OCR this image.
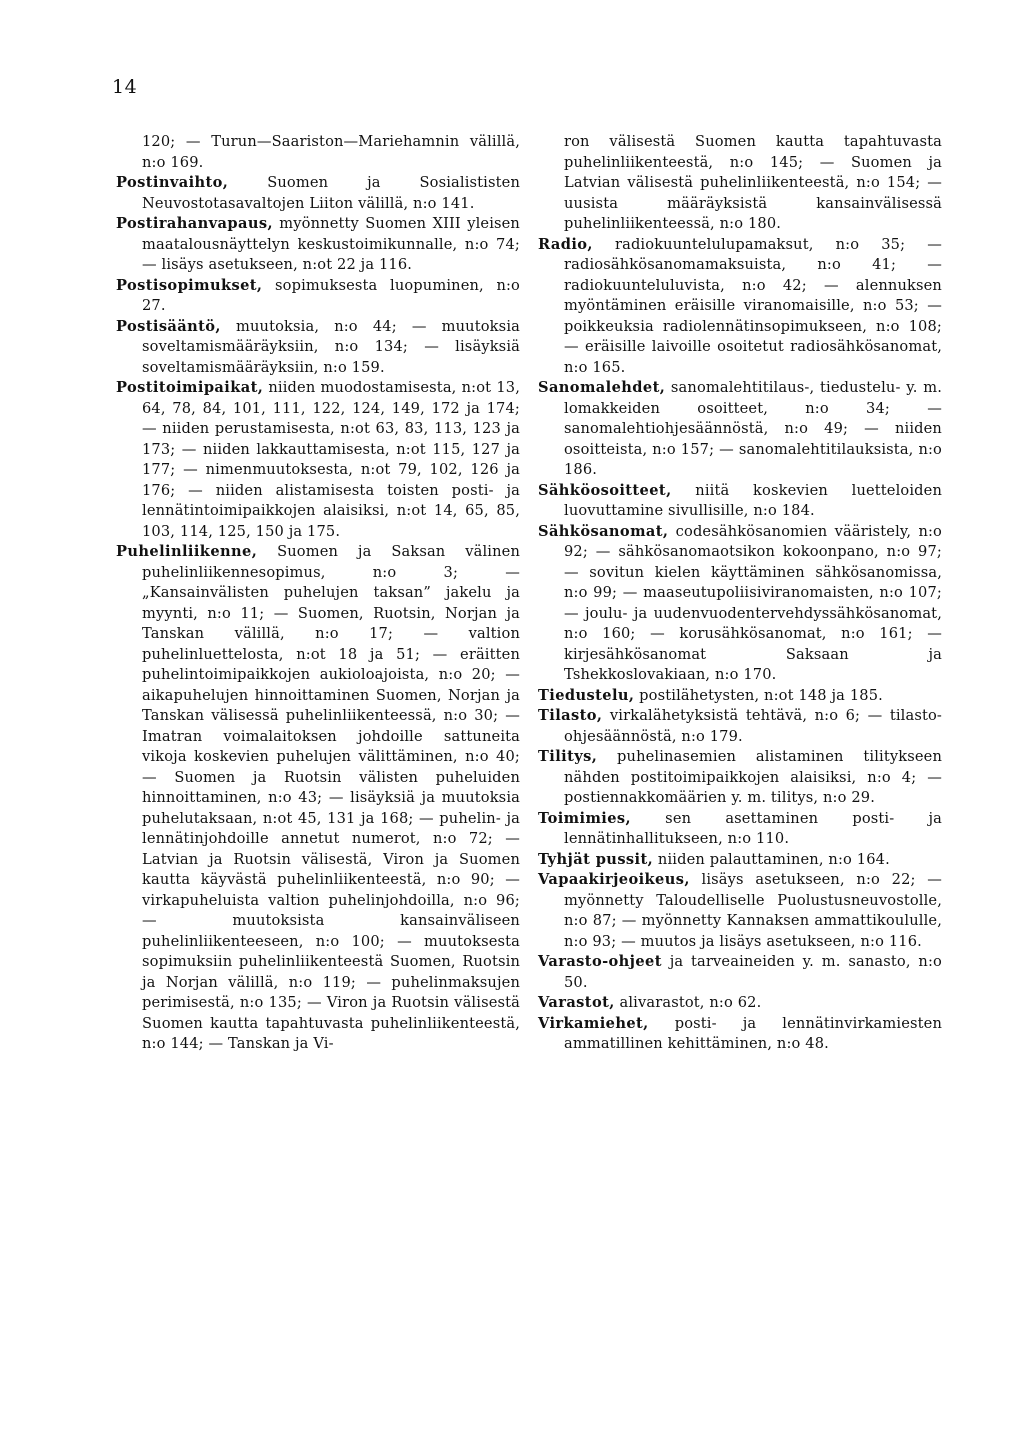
14

120; — Turun—Saariston—Mariehamnin välillä, n:o 169.

Postinvaihto, Suomen ja Sosialististen Neuvostotasavaltojen Liiton välillä, n:o 141.

Postirahanvapaus, myönnetty Suomen XIII yleisen maatalousnäyttelyn keskustoimikunnalle, n:o 74; — lisäys asetukseen, n:ot 22 ja 116.

Postisopimukset, sopimuksesta luopuminen, n:o 27.

Postisääntö, muutoksia, n:o 44; — muutoksia soveltamismääräyksiin, n:o 134; — lisäyksiä soveltamismääräyksiin, n:o 159.

Postitoimipaikat, niiden muodostamisesta, n:ot 13, 64, 78, 84, 101, 111, 122, 124, 149, 172 ja 174; — niiden perustamisesta, n:ot 63, 83, 113, 123 ja 173; — niiden lakkauttamisesta, n:ot 115, 127 ja 177; — nimenmuutoksesta, n:ot 79, 102, 126 ja 176; — niiden alistamisesta toisten posti- ja lennätintoimipaikkojen alaisiksi, n:ot 14, 65, 85, 103, 114, 125, 150 ja 175.

Puhelinliikenne, Suomen ja Saksan välinen puhelinliikennesopimus, n:o 3; — „Kansainvälisten puhelujen taksan” jakelu ja myynti, n:o 11; — Suomen, Ruotsin, Norjan ja Tanskan välillä, n:o 17; — valtion puhelinluettelosta, n:ot 18 ja 51; — eräitten puhelintoimipaikkojen aukioloajoista, n:o 20; — aikapuhelujen hinnoittaminen Suomen, Norjan ja Tanskan välisessä puhelinliikenteessä, n:o 30; — Imatran voimalaitoksen johdoille sattuneita vikoja koskevien puhelujen välittäminen, n:o 40; — Suomen ja Ruotsin välisten puheluiden hinnoittaminen, n:o 43; — lisäyksiä ja muutoksia puhelutaksaan, n:ot 45, 131 ja 168; — puhelin- ja lennätinjohdoille annetut numerot, n:o 72; — Latvian ja Ruotsin välisestä, Viron ja Suomen kautta käyvästä puhelinliikenteestä, n:o 90; — virkapuheluista valtion puhelinjohdoilla, n:o 96; — muutoksista kansainväliseen puhelinliikenteeseen, n:o 100; — muutoksesta sopimuksiin puhelinliikenteestä Suomen, Ruotsin ja Norjan välillä, n:o 119; — puhelinmaksujen perimisestä, n:o 135; — Viron ja Ruotsin välisestä Suomen kautta tapahtuvasta puhelinliikenteestä, n:o 144; — Tanskan ja Vi-

ron välisestä Suomen kautta tapahtuvasta puhelinliikenteestä, n:o 145; — Suomen ja Latvian välisestä puhelinliikenteestä, n:o 154; — uusista määräyksistä kansainvälisessä puhelinliikenteessä, n:o 180.

Radio, radiokuuntelulupamaksut, n:o 35; — radiosähkösanomamaksuista, n:o 41; — radiokuunteluluvista, n:o 42; — alennuksen myöntäminen eräisille viranomaisille, n:o 53; — poikkeuksia radiolennätinsopimukseen, n:o 108; — eräisille laivoille osoitetut radiosähkösanomat, n:o 165.

Sanomalehdet, sanomalehtitilaus-, tiedustelu- y. m. lomakkeiden osoitteet, n:o 34; — sanomalehtiohjesäännöstä, n:o 49; — niiden osoitteista, n:o 157; — sanomalehtitilauksista, n:o 186.

Sähköosoitteet, niitä koskevien luetteloiden luovuttamine sivullisille, n:o 184.

Sähkösanomat, codesähkösanomien vääristely, n:o 92; — sähkösanomaotsikon kokoonpano, n:o 97; — sovitun kielen käyttäminen sähkösanomissa, n:o 99; — maaseutupoliisiviranomaisten, n:o 107; — joulu- ja uudenvuodentervehdyssähkösanomat, n:o 160; — korusähkösanomat, n:o 161; — kirjesähkösanomat Saksaan ja Tshekkoslovakiaan, n:o 170.

Tiedustelu, postilähetysten, n:ot 148 ja 185.

Tilasto, virkalähetyksistä tehtävä, n:o 6; — tilasto-ohjesäännöstä, n:o 179.

Tilitys, puhelinasemien alistaminen tilitykseen nähden postitoimipaikkojen alaisiksi, n:o 4; — postiennakkomäärien y. m. tilitys, n:o 29.

Toimimies, sen asettaminen posti- ja lennätinhallitukseen, n:o 110.

Tyhjät pussit, niiden palauttaminen, n:o 164.

Vapaakirjeoikeus, lisäys asetukseen, n:o 22; — myönnetty Taloudelliselle Puolustusneuvostolle, n:o 87; — myönnetty Kannaksen ammattikoululle, n:o 93; — muutos ja lisäys asetukseen, n:o 116.

Varasto-ohjeet ja tarveaineiden y. m. sanasto, n:o 50.

Varastot, alivarastot, n:o 62.

Virkamiehet, posti- ja lennätinvirkamiesten ammatillinen kehittäminen, n:o 48.
